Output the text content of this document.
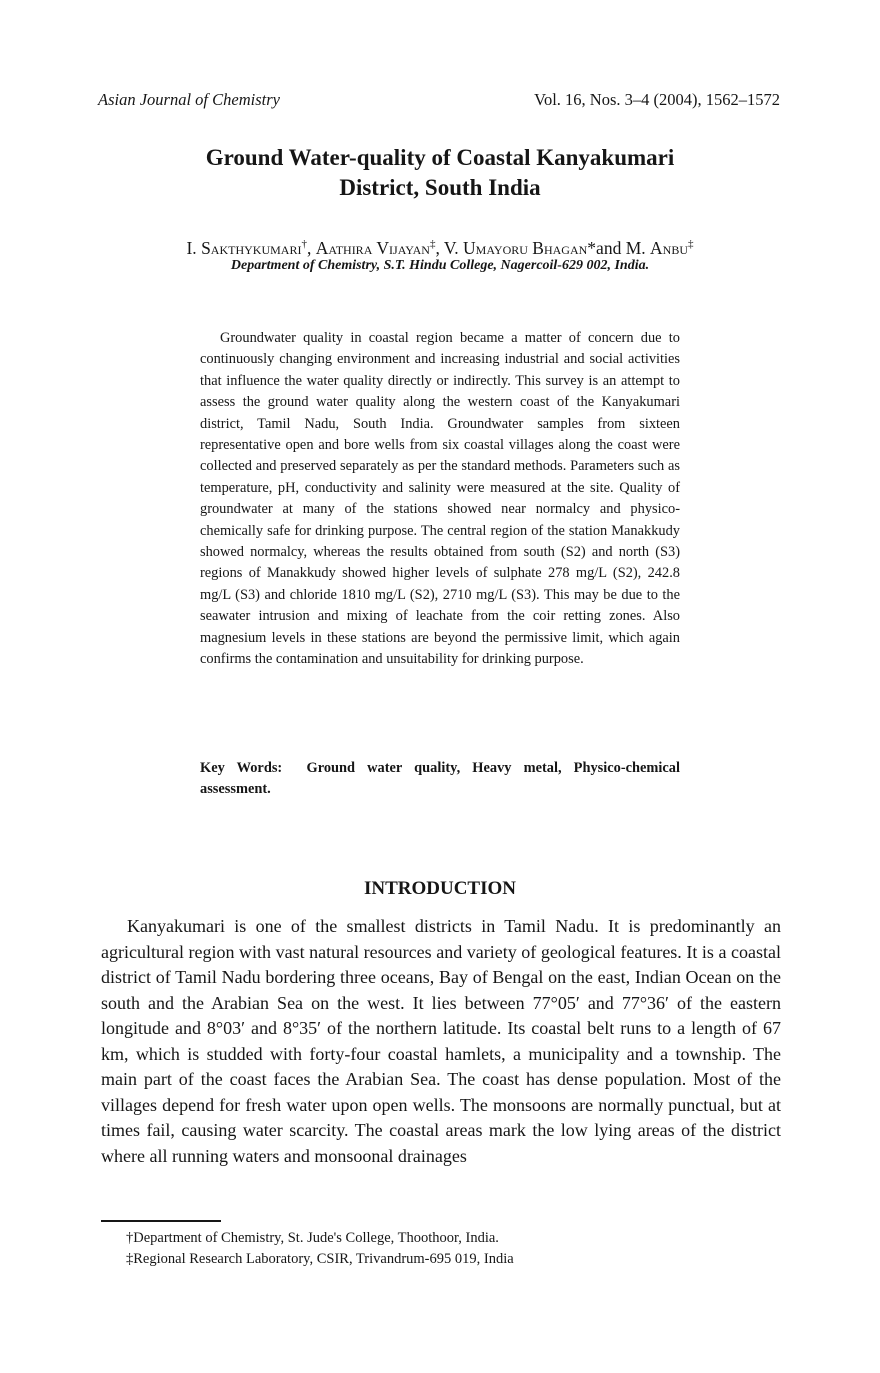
Asian Journal of Chemistry	Vol. 16, Nos. 3–4 (2004), 1562–1572
Ground Water-quality of Coastal Kanyakumari
District, South India
I. Sakthykumari†, Aathira Vijayan‡, V. Umayoru Bhagan*and M. Anbu‡
Department of Chemistry, S.T. Hindu College, Nagercoil-629 002, India.

Groundwater quality in coastal region became a matter of concern due to continuously changing environment and increasing industrial and social activities that influence the water quality directly or indirectly. This survey is an attempt to assess the ground water quality along the western coast of the Kanyakumari district, Tamil Nadu, South India. Groundwater samples from sixteen representative open and bore wells from six coastal villages along the coast were collected and preserved separately as per the standard methods. Parameters such as temperature, pH, conductivity and salinity were measured at the site. Quality of groundwater at many of the stations showed near normalcy and physico-chemically safe for drinking purpose. The central region of the station Manakkudy showed normalcy, whereas the results obtained from south (S2) and north (S3) regions of Manakkudy showed higher levels of sulphate 278 mg/L (S2), 242.8 mg/L (S3) and chloride 1810 mg/L (S2), 2710 mg/L (S3). This may be due to the seawater intrusion and mixing of leachate from the coir retting zones. Also magnesium levels in these stations are beyond the permissive limit, which again confirms the contamination and unsuitability for drinking purpose.

Key Words: Ground water quality, Heavy metal, Physico-chemical assessment.
INTRODUCTION

Kanyakumari is one of the smallest districts in Tamil Nadu. It is predominantly an agricultural region with vast natural resources and variety of geological features. It is a coastal district of Tamil Nadu bordering three oceans, Bay of Bengal on the east, Indian Ocean on the south and the Arabian Sea on the west. It lies between 77°05′ and 77°36′ of the eastern longitude and 8°03′ and 8°35′ of the northern latitude. Its coastal belt runs to a length of 67 km, which is studded with forty-four coastal hamlets, a municipality and a township. The main part of the coast faces the Arabian Sea. The coast has dense population. Most of the villages depend for fresh water upon open wells. The monsoons are normally punctual, but at times fail, causing water scarcity. The coastal areas mark the low lying areas of the district where all running waters and monsoonal drainages

†Department of Chemistry, St. Jude's College, Thoothoor, India.
‡Regional Research Laboratory, CSIR, Trivandrum-695 019, India
